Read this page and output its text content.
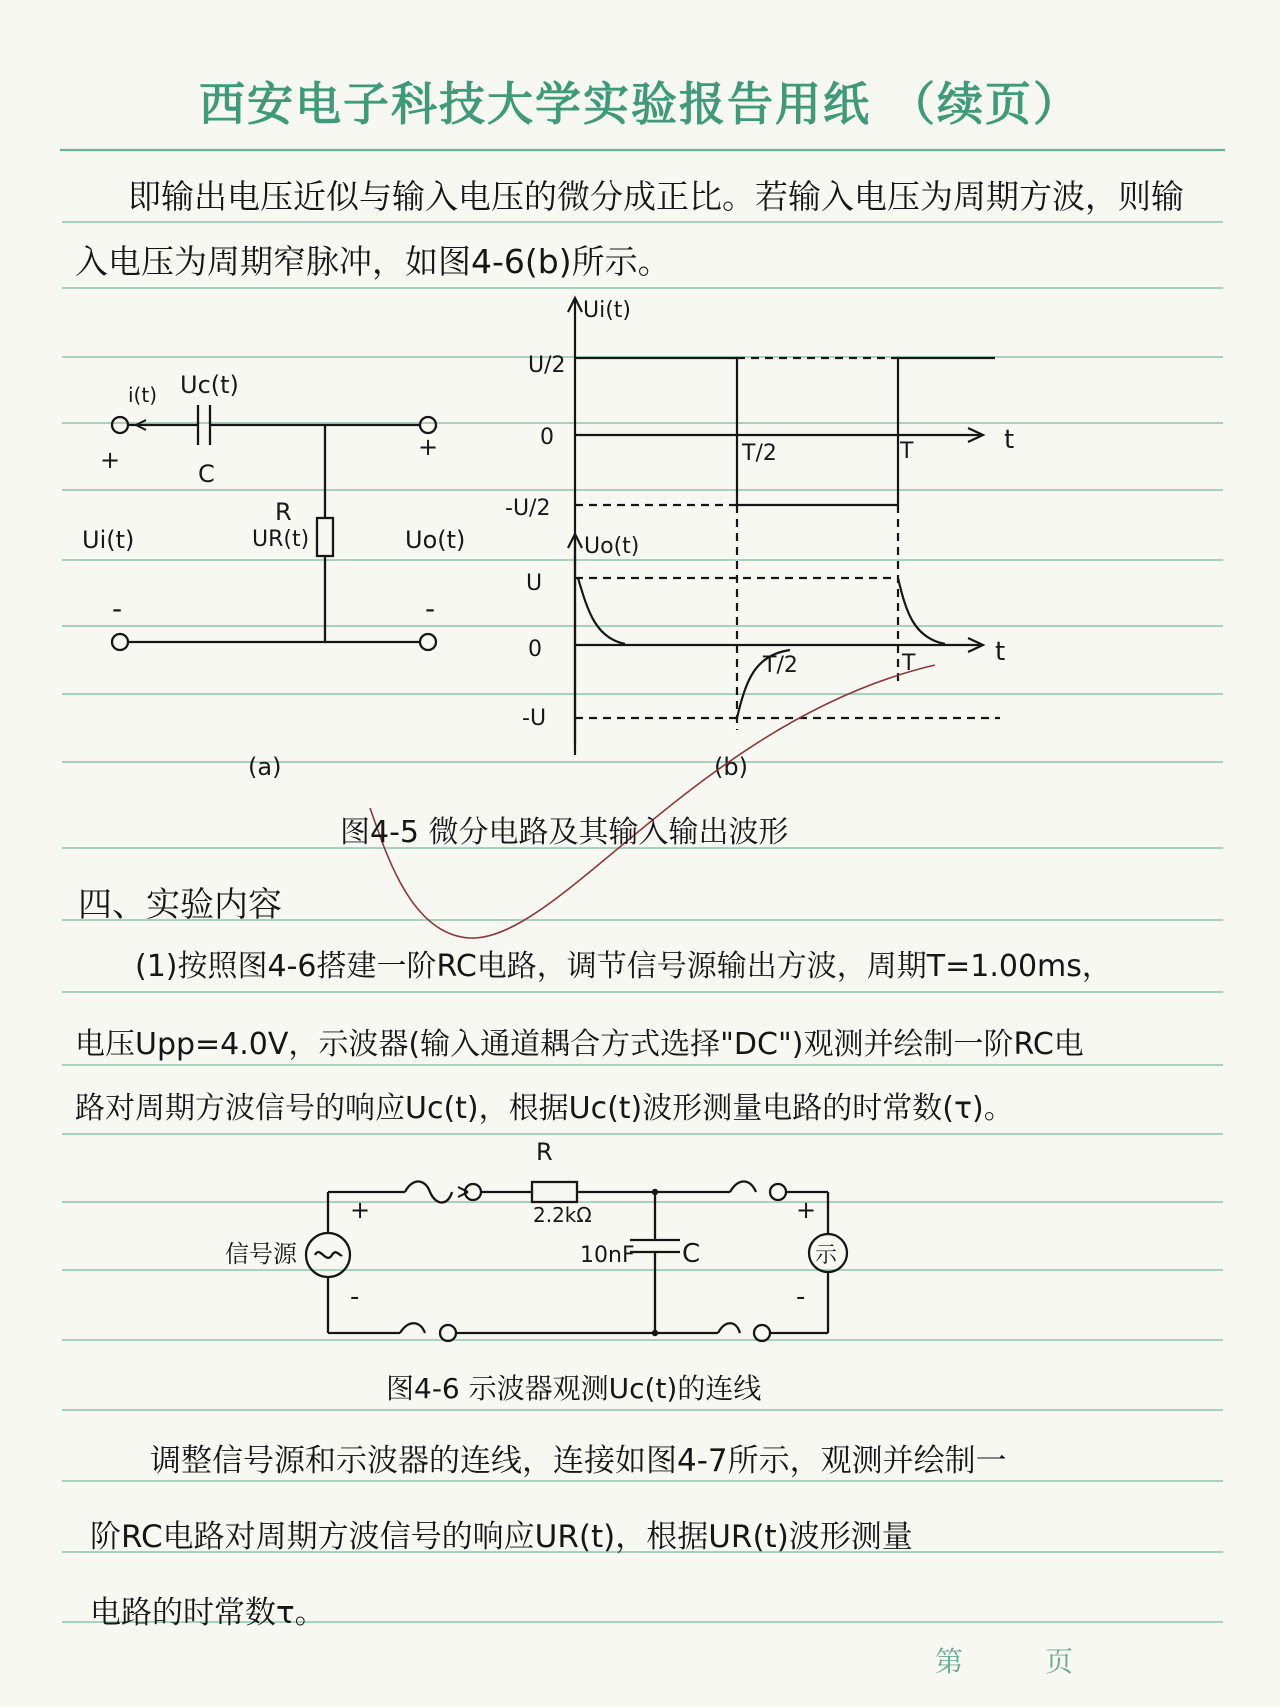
西安电子科技大学实验报告用纸 （续页）
即输出电压近似与输入电压的微分成正比。若输入电压为周期方波，则输
入电压为周期窄脉冲，如图4-6(b)所示。
i(t) Uc(t)
C
R
UR(t)
Ui(t)	Uo(t)
+	+
-	-
(a)
Ui(t)
t
U/2
0
-U/2
T/2	T
Uo(t)
t
U
0
-U
T/2	T
(b)
图4-5 微分电路及其输入输出波形
四、实验内容
(1)按照图4-6搭建一阶RC电路，调节信号源输出方波，周期T=1.00ms，
电压Upp=4.0V，示波器(输入通道耦合方式选择"DC")观测并绘制一阶RC电
路对周期方波信号的响应Uc(t)，根据Uc(t)波形测量电路的时常数(τ)。
R
2.2kΩ
10nF C
信号源	示
+
-
+
-
图4-6 示波器观测Uc(t)的连线
调整信号源和示波器的连线，连接如图4-7所示，观测并绘制一
阶RC电路对周期方波信号的响应UR(t)，根据UR(t)波形测量
电路的时常数τ。
第	页
